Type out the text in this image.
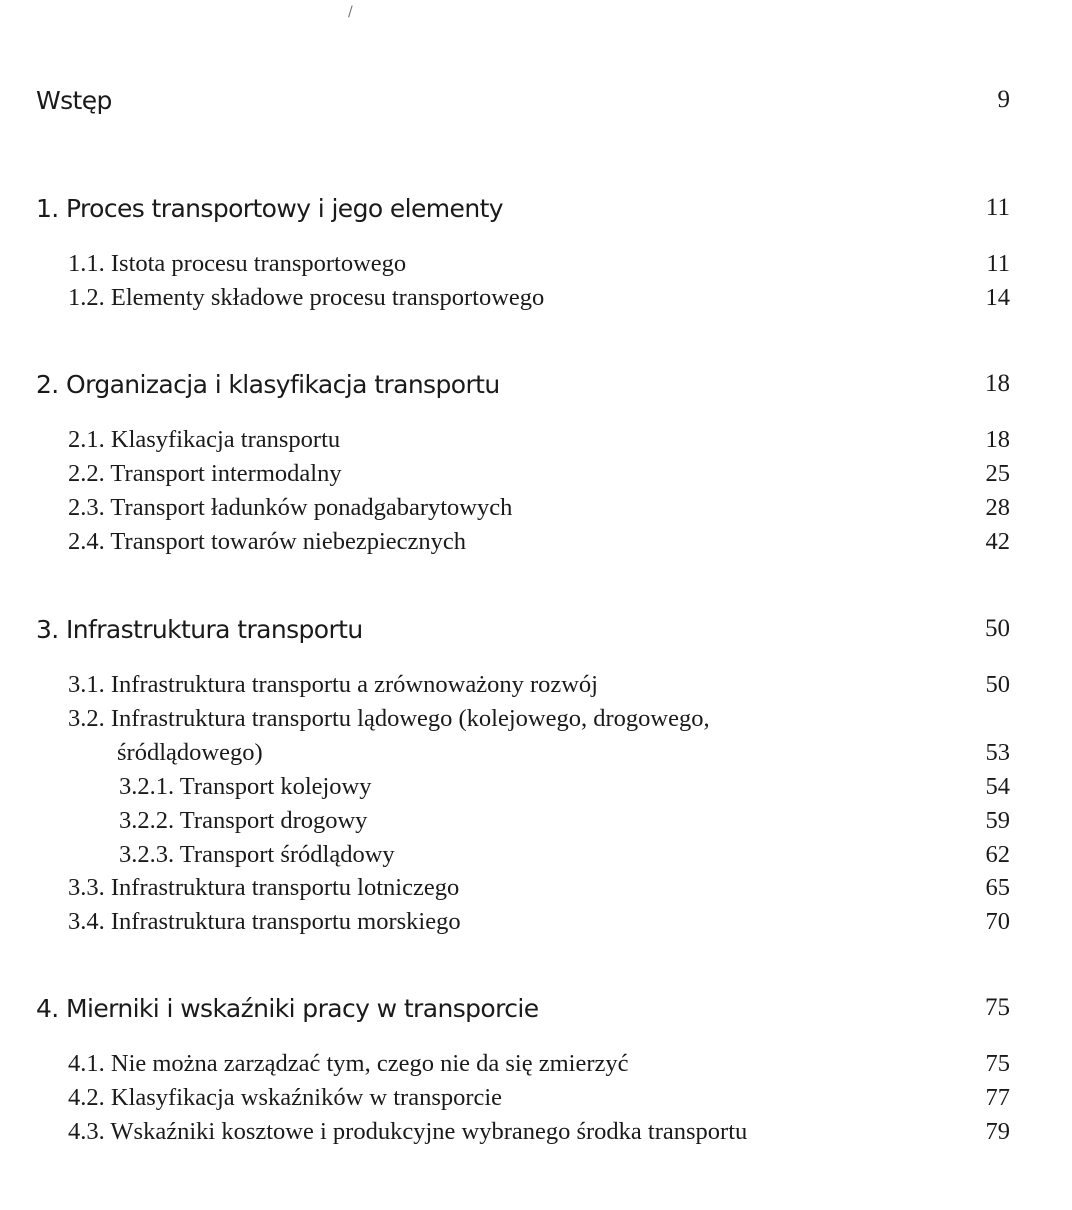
/
Wstęp	9
1. Proces transportowy i jego elementy	11
1.1. Istota procesu transportowego	11
1.2. Elementy składowe procesu transportowego	14
2. Organizacja i klasyfikacja transportu	18
2.1. Klasyfikacja transportu	18
2.2. Transport intermodalny	25
2.3. Transport ładunków ponadgabarytowych	28
2.4. Transport towarów niebezpiecznych	42
3. Infrastruktura transportu	50
3.1. Infrastruktura transportu a zrównoważony rozwój	50
3.2. Infrastruktura transportu lądowego (kolejowego, drogowego,
śródlądowego)	53
3.2.1. Transport kolejowy	54
3.2.2. Transport drogowy	59
3.2.3. Transport śródlądowy	62
3.3. Infrastruktura transportu lotniczego	65
3.4. Infrastruktura transportu morskiego	70
4. Mierniki i wskaźniki pracy w transporcie	75
4.1. Nie można zarządzać tym, czego nie da się zmierzyć	75
4.2. Klasyfikacja wskaźników w transporcie	77
4.3. Wskaźniki kosztowe i produkcyjne wybranego środka transportu	79
